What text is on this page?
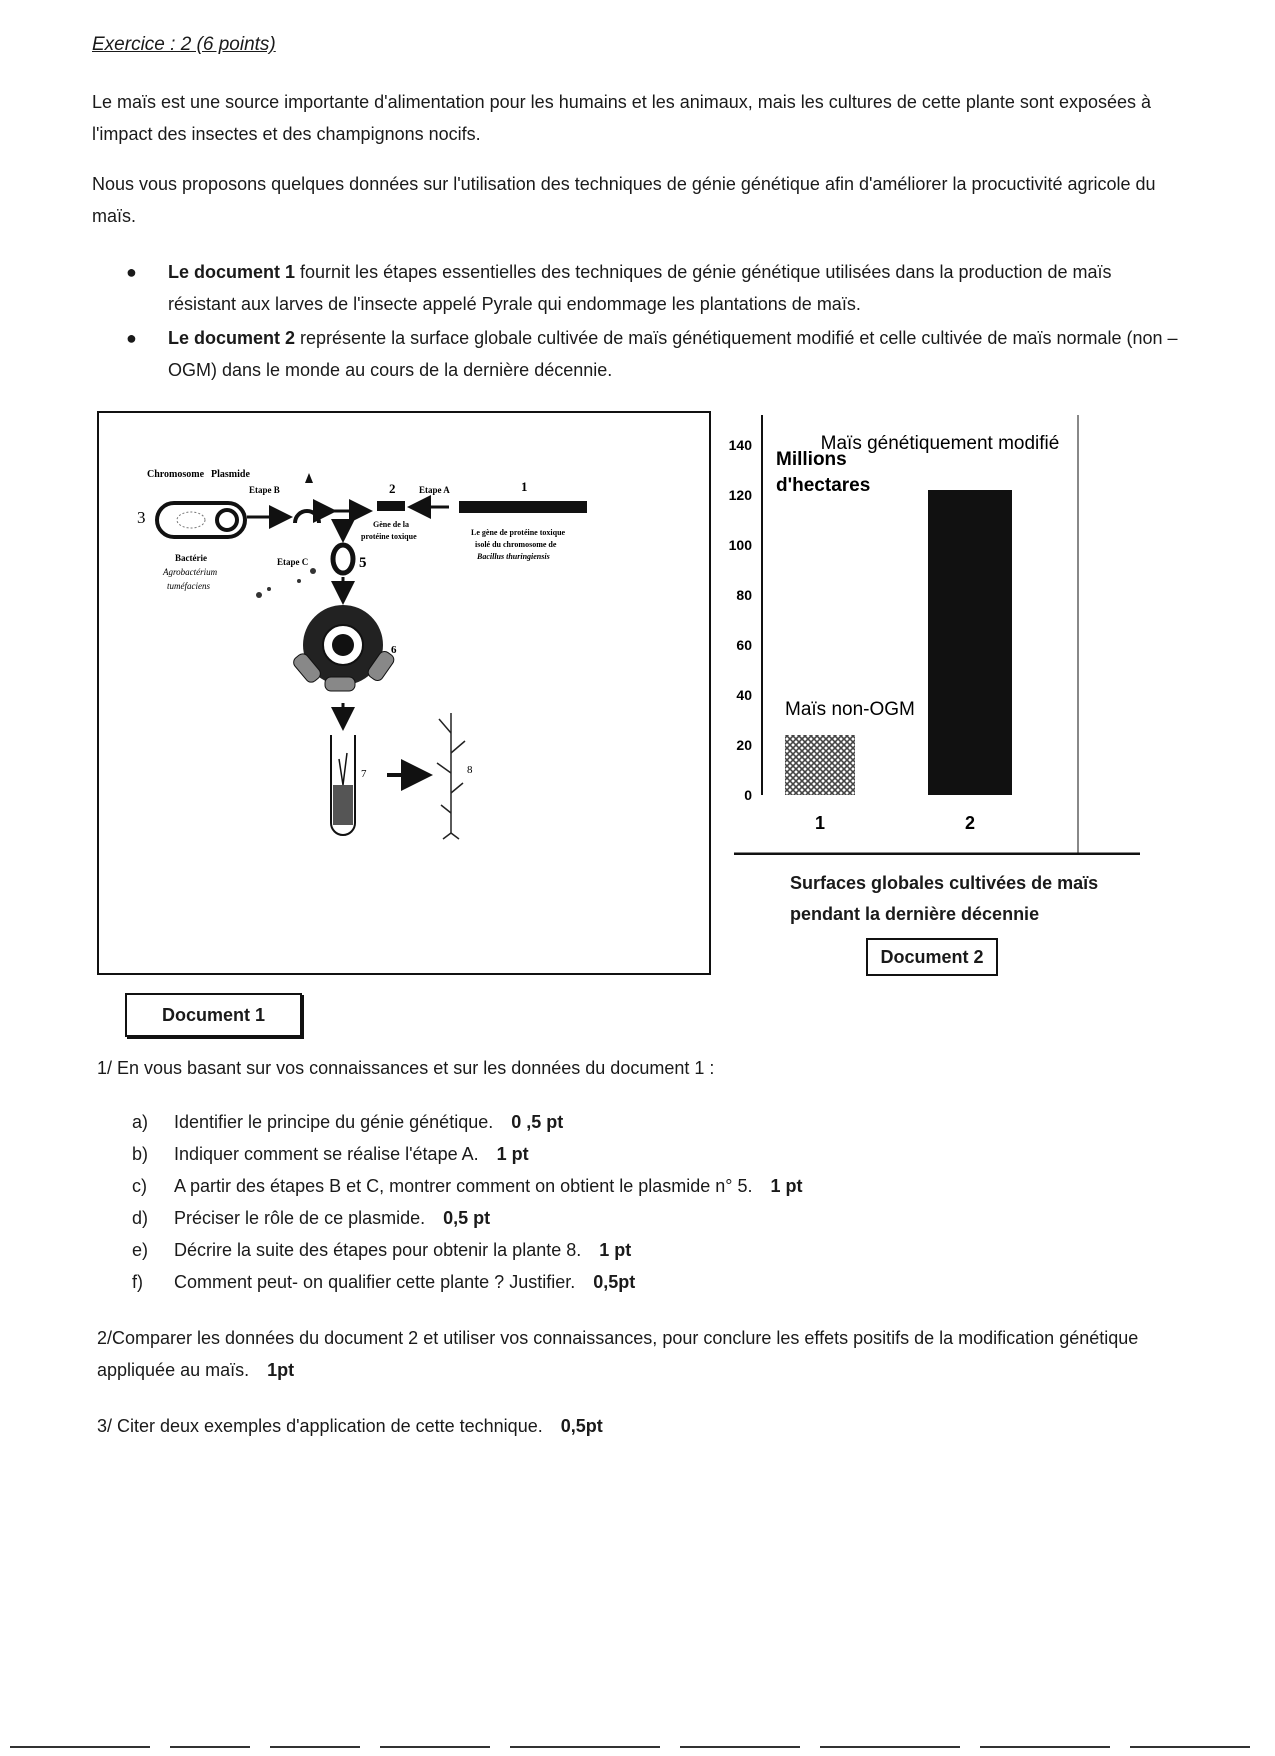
Exercice : 2 (6 points)
Le maïs est une source importante d'alimentation pour les humains et les animaux, mais les cultures de cette plante sont exposées à l'impact des insectes et des champignons nocifs.
Nous vous proposons quelques données sur l'utilisation des techniques de génie génétique afin d'améliorer la procuctivité agricole du maïs.
● Le document 1 fournit les étapes essentielles des techniques de génie génétique utilisées dans la production de maïs résistant aux larves de l'insecte appelé Pyrale qui endommage les plantations de maïs.
● Le document 2 représente la surface globale cultivée de maïs génétiquement modifié et celle cultivée de maïs normale (non – OGM) dans le monde au cours de la dernière décennie.
Chromosome Plasmide
3
Bactérie
Agrobactérium
tuméfaciens
Etape B	2
Gène de la
protéine toxique
Etape A	1
Le gène de protéine toxique
isolé du chromosome de
Bacillus thuringiensis
Etape C	5
6
7	8
Document 1
0
20
40
60
80
100
120
140
Millions
d'hectares
Maïs génétiquement modifié
Maïs non-OGM
1	2
Surfaces globales cultivées de maïs
pendant la dernière décennie
Document 2
1/ En vous basant sur vos connaissances et sur les données du document 1 :
a) Identifier le principe du génie génétique. 0 ,5 pt
b) Indiquer comment se réalise l'étape A. 1 pt
c) A partir des étapes B et C, montrer comment on obtient le plasmide n° 5. 1 pt
d) Préciser le rôle de ce plasmide. 0,5 pt
e) Décrire la suite des étapes pour obtenir la plante 8. 1 pt
f) Comment peut- on qualifier cette plante ? Justifier. 0,5pt
2/Comparer les données du document 2 et utiliser vos connaissances, pour conclure les effets positifs de la modification génétique appliquée au maïs. 1pt
3/ Citer deux exemples d'application de cette technique. 0,5pt
